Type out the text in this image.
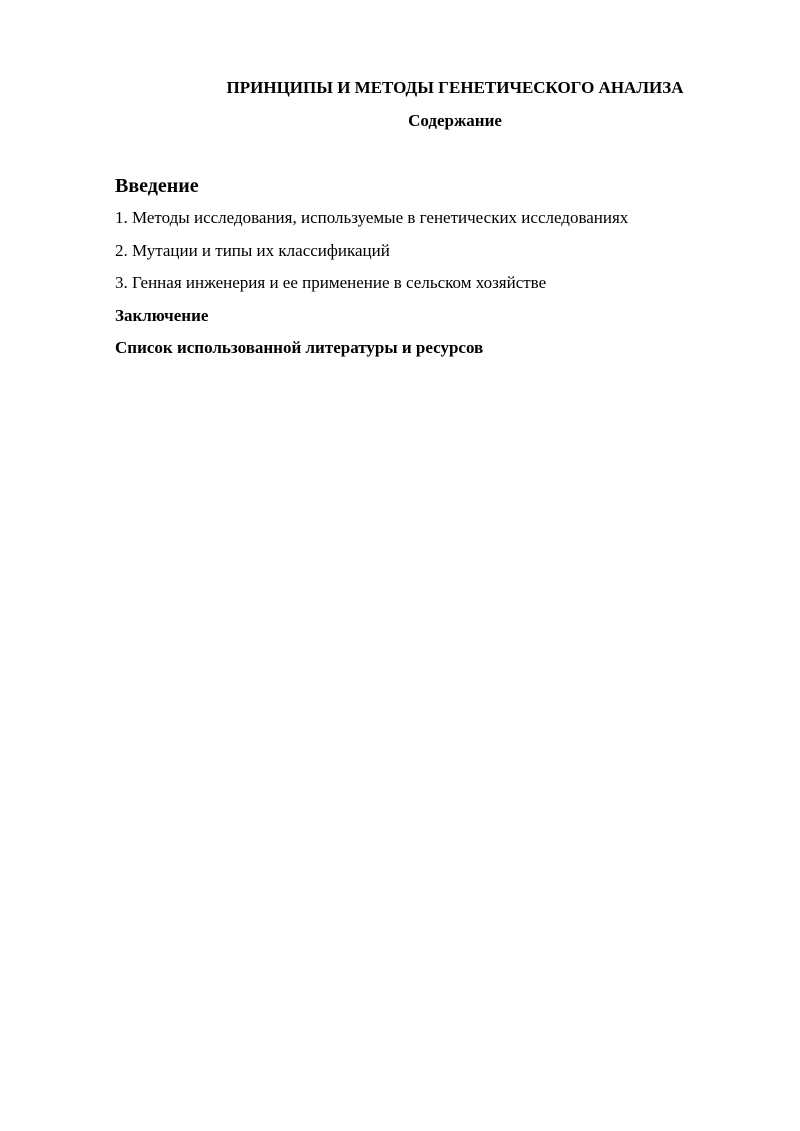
ПРИНЦИПЫ И МЕТОДЫ ГЕНЕТИЧЕСКОГО АНАЛИЗА
Содержание

Введение

1. Методы исследования, используемые в генетических исследованиях

2. Мутации и типы их классификаций

3. Генная инженерия и ее применение в сельском хозяйстве

Заключение

Список использованной литературы и ресурсов
